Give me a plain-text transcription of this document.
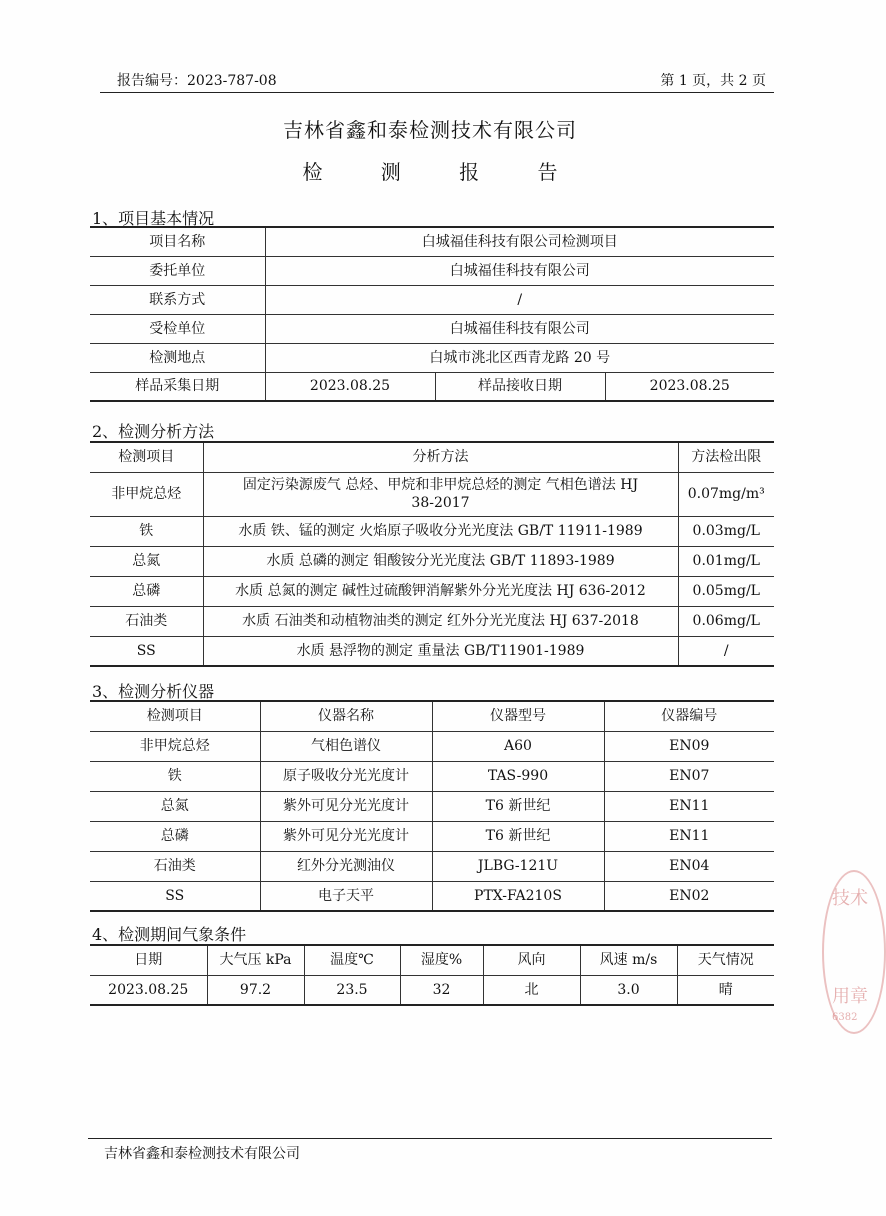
报告编号：2023-787-08	第 1 页，共 2 页
吉林省鑫和泰检测技术有限公司
检 测 报 告
1、项目基本情况
项目名称	白城福佳科技有限公司检测项目		
委托单位	白城福佳科技有限公司		
联系方式	/		
受检单位	白城福佳科技有限公司		
检测地点	白城市洮北区西青龙路 20 号		
样品采集日期	2023.08.25	样品接收日期	2023.08.25
2、检测分析方法
检测项目	分析方法	方法检出限
非甲烷总烃	固定污染源废气 总烃、甲烷和非甲烷总烃的测定 气相色谱法 HJ 38-2017	0.07mg/m³
铁	水质 铁、锰的测定 火焰原子吸收分光光度法 GB/T 11911-1989	0.03mg/L
总氮	水质 总磷的测定 钼酸铵分光光度法 GB/T 11893-1989	0.01mg/L
总磷	水质 总氮的测定 碱性过硫酸钾消解紫外分光光度法 HJ 636-2012	0.05mg/L
石油类	水质 石油类和动植物油类的测定 红外分光光度法 HJ 637-2018	0.06mg/L
SS	水质 悬浮物的测定 重量法 GB/T11901-1989	/
3、检测分析仪器
检测项目	仪器名称	仪器型号	仪器编号
非甲烷总烃	气相色谱仪	A60	EN09
铁	原子吸收分光光度计	TAS-990	EN07
总氮	紫外可见分光光度计	T6 新世纪	EN11
总磷	紫外可见分光光度计	T6 新世纪	EN11
石油类	红外分光测油仪	JLBG-121U	EN04
SS	电子天平	PTX-FA210S	EN02
4、检测期间气象条件
日期	大气压 kPa	温度℃	湿度%	风向	风速 m/s	天气情况
2023.08.25	97.2	23.5	32	北	3.0	晴
技术
用章
6382
吉林省鑫和泰检测技术有限公司
